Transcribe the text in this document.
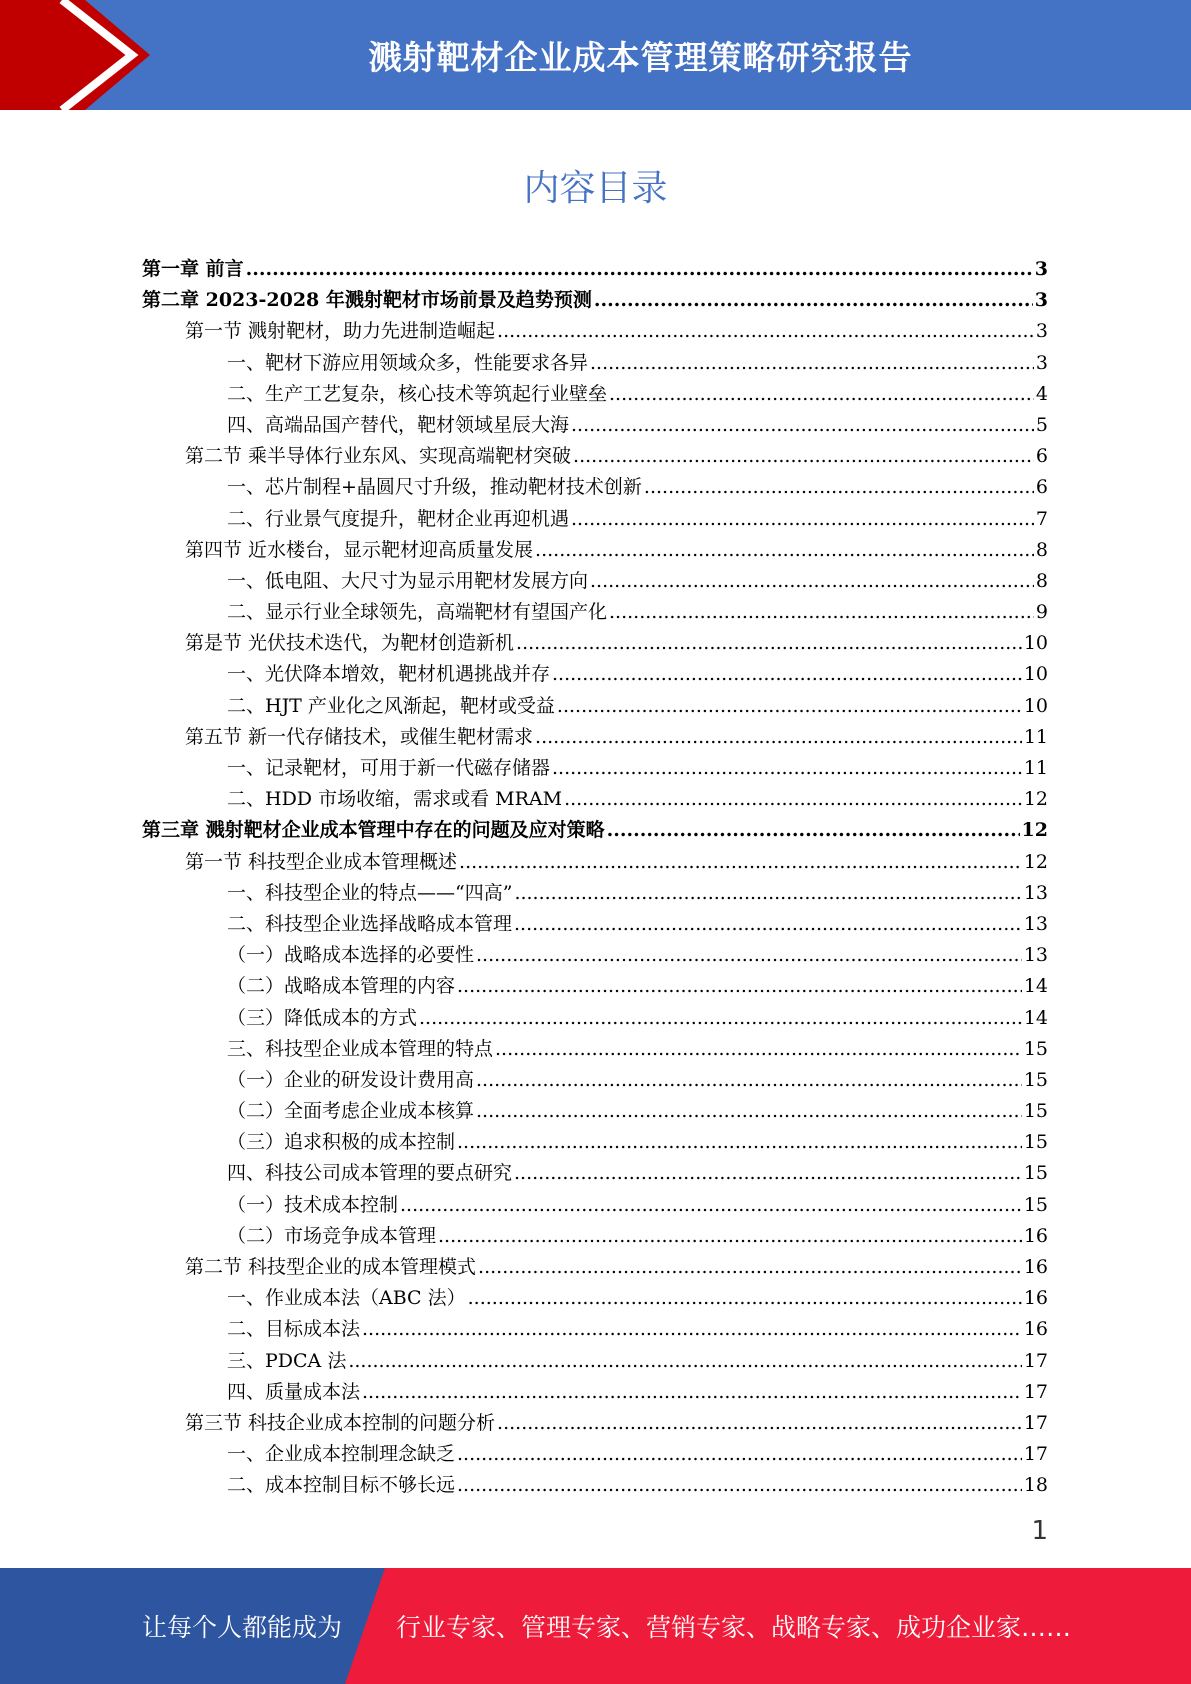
溅射靶材企业成本管理策略研究报告
内容目录
第一章 前言 .....	3
第二章 2023-2028 年溅射靶材市场前景及趋势预测 .....	3
第一节 溅射靶材，助力先进制造崛起 .....	3
一、靶材下游应用领域众多，性能要求各异 .....	3
二、生产工艺复杂，核心技术等筑起行业壁垒 .....	4
四、高端品国产替代，靶材领域星辰大海 .....	5
第二节 乘半导体行业东风、实现高端靶材突破 .....	6
一、芯片制程+晶圆尺寸升级，推动靶材技术创新 .....	6
二、行业景气度提升，靶材企业再迎机遇 .....	7
第四节 近水楼台，显示靶材迎高质量发展 .....	8
一、低电阻、大尺寸为显示用靶材发展方向 .....	8
二、显示行业全球领先，高端靶材有望国产化 .....	9
第是节 光伏技术迭代，为靶材创造新机 .....	10
一、光伏降本增效，靶材机遇挑战并存 .....	10
二、HJT 产业化之风渐起，靶材或受益 .....	10
第五节 新一代存储技术，或催生靶材需求 .....	11
一、记录靶材，可用于新一代磁存储器 .....	11
二、HDD 市场收缩，需求或看 MRAM .....	12
第三章 溅射靶材企业成本管理中存在的问题及应对策略 .....	12
第一节 科技型企业成本管理概述 .....	12
一、科技型企业的特点——“四高” .....	13
二、科技型企业选择战略成本管理 .....	13
（一）战略成本选择的必要性 .....	13
（二）战略成本管理的内容 .....	14
（三）降低成本的方式 .....	14
三、科技型企业成本管理的特点 .....	15
（一）企业的研发设计费用高 .....	15
（二）全面考虑企业成本核算 .....	15
（三）追求积极的成本控制 .....	15
四、科技公司成本管理的要点研究 .....	15
（一）技术成本控制 .....	15
（二）市场竞争成本管理 .....	16
第二节 科技型企业的成本管理模式 .....	16
一、作业成本法（ABC 法） .....	16
二、目标成本法 .....	16
三、PDCA 法 .....	17
四、质量成本法 .....	17
第三节 科技企业成本控制的问题分析 .....	17
一、企业成本控制理念缺乏 .....	17
二、成本控制目标不够长远 .....	18
1
让每个人都能成为 行业专家、管理专家、营销专家、战略专家、成功企业家……
